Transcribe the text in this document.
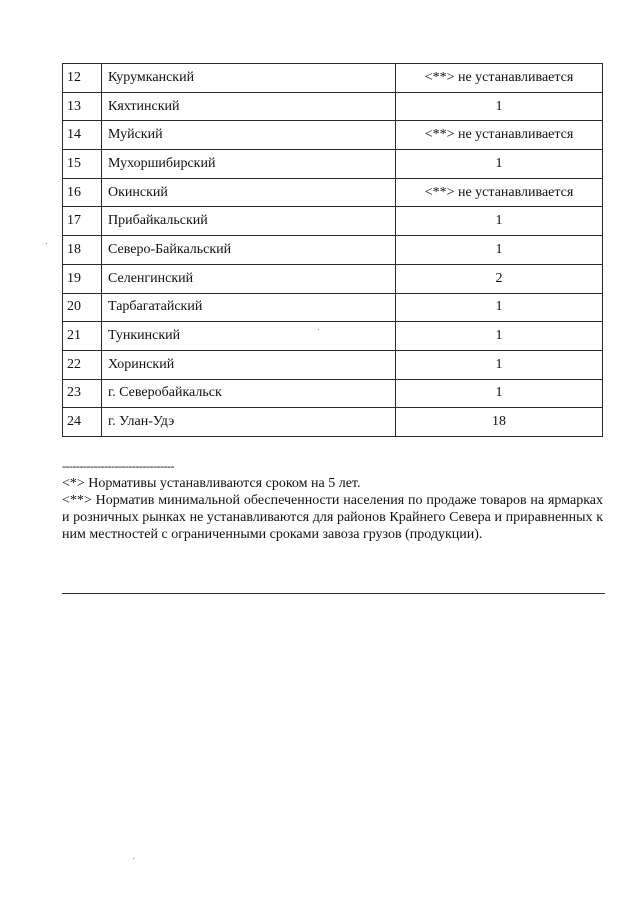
12	Курумканский	<**> не устанавливается
13	Кяхтинский	1
14	Муйский	<**> не устанавливается
15	Мухоршибирский	1
16	Окинский	<**> не устанавливается
17	Прибайкальский	1
18	Северо-Байкальский	1
19	Селенгинский	2
20	Тарбагатайский	1
21	Тункинский	1
22	Хоринский	1
23	г. Северобайкальск	1
24	г. Улан-Удэ	18
--------------------------------

<*> Нормативы устанавливаются сроком на 5 лет.

<**> Норматив минимальной обеспеченности населения по продаже товаров на ярмарках и розничных рынках не устанавливаются для районов Крайнего Севера и приравненных к ним местностей с ограниченными сроками завоза грузов (продукции).
